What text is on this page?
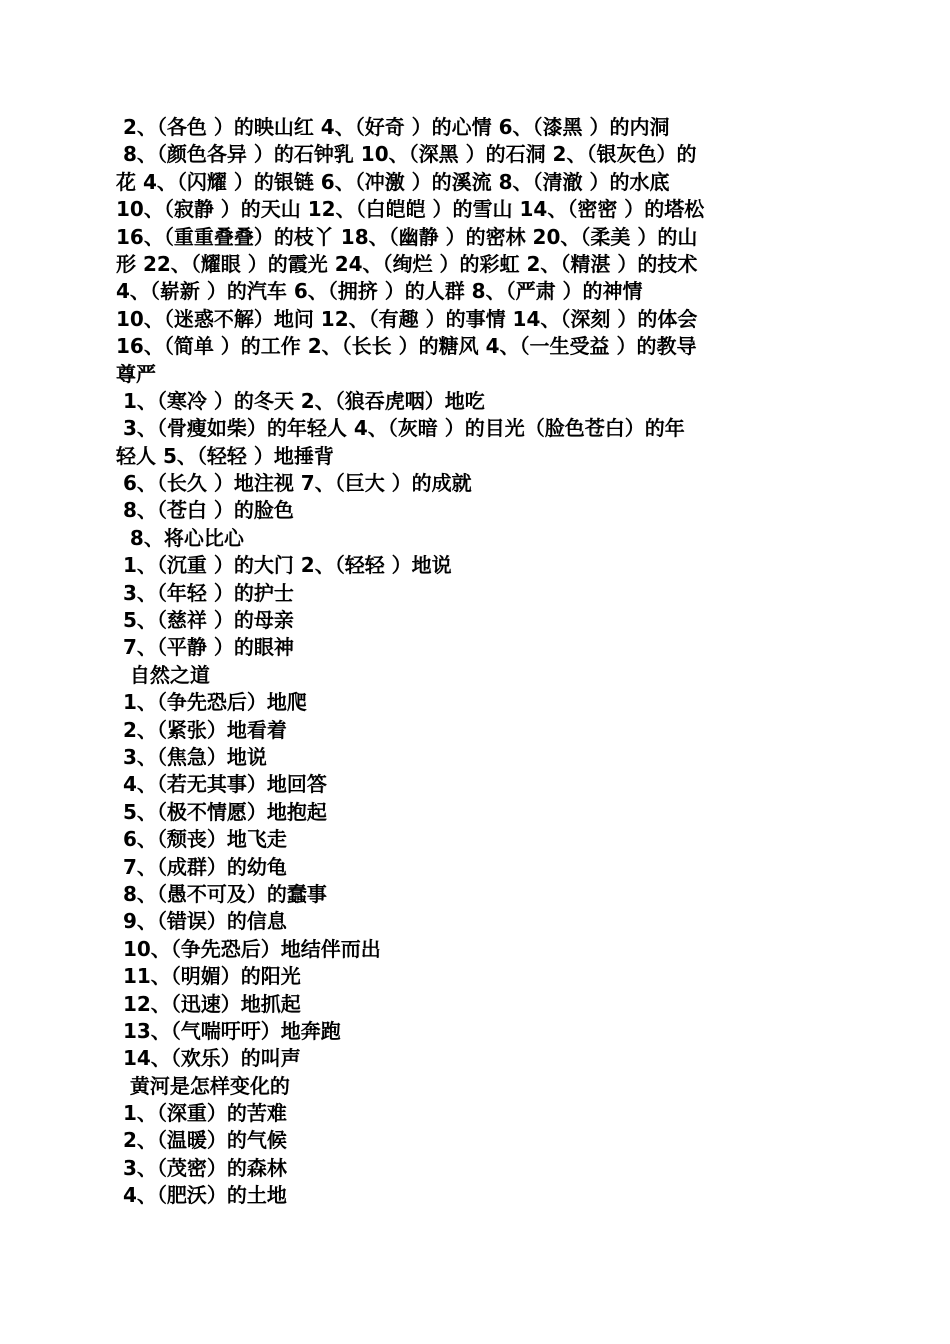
2、（各色 ）的映山红 4、（好奇 ）的心情 6、（漆黑 ）的内洞
8、（颜色各异 ）的石钟乳 10、（深黑 ）的石洞 2、（银灰色）的
花 4、（闪耀 ）的银链 6、（冲激 ）的溪流 8、（清澈 ）的水底
10、（寂静 ）的天山 12、（白皑皑 ）的雪山 14、（密密 ）的塔松
16、（重重叠叠）的枝丫 18、（幽静 ）的密林 20、（柔美 ）的山
形 22、（耀眼 ）的霞光 24、（绚烂 ）的彩虹 2、（精湛 ）的技术
4、（崭新 ）的汽车 6、（拥挤 ）的人群 8、（严肃 ）的神情
10、（迷惑不解）地问 12、（有趣 ）的事情 14、（深刻 ）的体会
16、（简单 ）的工作 2、（长长 ）的糖风 4、（一生受益 ）的教导
尊严
1、（寒冷 ）的冬天 2、（狼吞虎咽）地吃
3、（骨瘦如柴）的年轻人 4、（灰暗 ）的目光（脸色苍白）的年
轻人 5、（轻轻 ）地捶背
6、（长久 ）地注视 7、（巨大 ）的成就
8、（苍白 ）的脸色
8、将心比心
1、（沉重 ）的大门 2、（轻轻 ）地说
3、（年轻 ）的护士
5、（慈祥 ）的母亲
7、（平静 ）的眼神
自然之道
1、（争先恐后）地爬
2、（紧张）地看着
3、（焦急）地说
4、（若无其事）地回答
5、（极不情愿）地抱起
6、（颓丧）地飞走
7、（成群）的幼龟
8、（愚不可及）的蠢事
9、（错误）的信息
10、（争先恐后）地结伴而出
11、（明媚）的阳光
12、（迅速）地抓起
13、（气喘吁吁）地奔跑
14、（欢乐）的叫声
黄河是怎样变化的
1、（深重）的苦难
2、（温暖）的气候
3、（茂密）的森林
4、（肥沃）的土地
